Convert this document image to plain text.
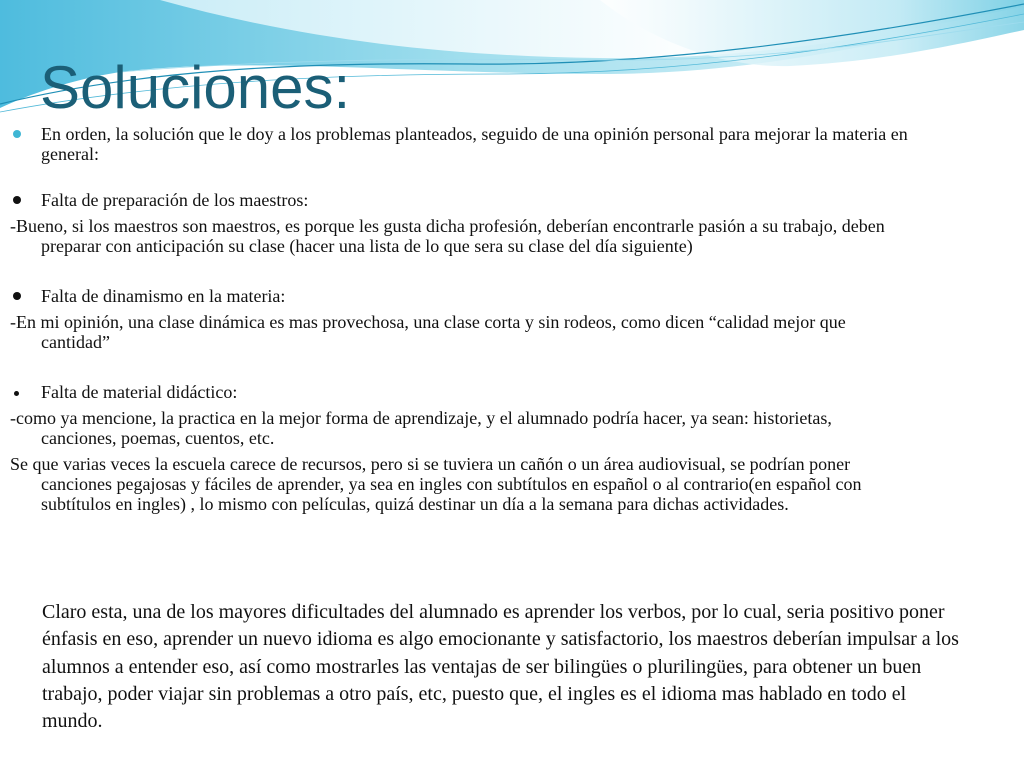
Soluciones:

En orden, la solución que le doy a los problemas planteados, seguido de una opinión personal para mejorar la materia en general:

Falta de preparación de los maestros:

-Bueno, si los maestros son maestros, es porque les gusta dicha profesión, deberían encontrarle pasión a su trabajo, deben preparar con anticipación su clase (hacer una lista de lo que sera su clase del día siguiente)

Falta de dinamismo en la materia:

-En mi opinión, una clase dinámica es mas provechosa, una clase corta y sin rodeos, como dicen “calidad mejor que cantidad”

Falta de material didáctico:

-como ya mencione, la practica en la mejor forma de aprendizaje, y el alumnado podría hacer, ya sean: historietas, canciones, poemas, cuentos, etc.

Se que varias veces la escuela carece de recursos, pero si se tuviera un cañón o un área audiovisual, se podrían poner canciones pegajosas y fáciles de aprender, ya sea en ingles con subtítulos en español o al contrario(en español con subtítulos en ingles) , lo mismo con películas, quizá destinar un día a la semana para dichas actividades.

Claro esta, una de los mayores dificultades del alumnado es aprender los verbos, por lo cual, seria positivo poner énfasis en eso, aprender un nuevo idioma es algo emocionante y satisfactorio, los maestros deberían impulsar a los alumnos a entender eso, así como mostrarles las ventajas de ser bilingües o plurilingües, para obtener un buen trabajo, poder viajar sin problemas a otro país, etc, puesto que, el ingles es el idioma mas hablado en todo el mundo.
